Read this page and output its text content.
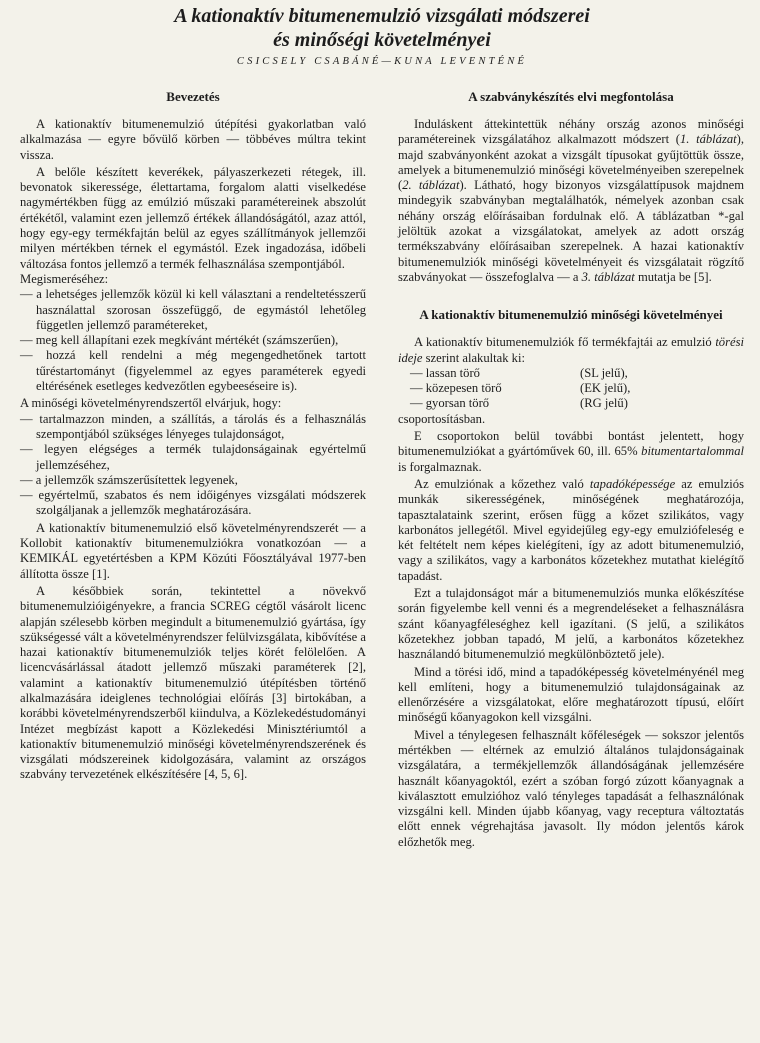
A kationaktív bitumenemulzió vizsgálati módszerei
és minőségi követelményei
CSICSELY CSABÁNÉ—KUNA LEVENTÉNÉ
Bevezetés

A kationaktív bitumenemulzió útépítési gyakorlatban való alkalmazása — egyre bővülő körben — többéves múltra tekint vissza.

A belőle készített keverékek, pályaszerkezeti rétegek, ill. bevonatok sikeressége, élettartama, forgalom alatti viselkedése nagymértékben függ az emúlzió műszaki paramétereinek abszolút értékétől, valamint ezen jellemző értékek állandóságától, azaz attól, hogy egy-egy termékfajtán belül az egyes szállítmányok jellemzői milyen mértékben térnek el egymástól. Ezek ingadozása, időbeli változása fontos jellemző a termék felhasználása szempontjából.

Megismeréséhez:

— a lehetséges jellemzők közül ki kell választani a rendeltetésszerű használattal szorosan összefüggő, de egymástól lehetőleg független jellemző paramétereket,
— meg kell állapítani ezek megkívánt mértékét (számszerűen),
— hozzá kell rendelni a még megengedhetőnek tartott tűréstartományt (figyelemmel az egyes paraméterek egyedi eltérésének esetleges kedvezőtlen egybeeséseire is).

A minőségi követelményrendszertől elvárjuk, hogy:

— tartalmazzon minden, a szállítás, a tárolás és a felhasználás szempontjából szükséges lényeges tulajdonságot,
— legyen elégséges a termék tulajdonságainak egyértelmű jellemzéséhez,
— a jellemzők számszerűsítettek legyenek,
— egyértelmű, szabatos és nem időigényes vizsgálati módszerek szolgáljanak a jellemzők meghatározására.

A kationaktív bitumenemulzió első követelményrendszerét — a Kollobit kationaktív bitumenemulziókra vonatkozóan — a KEMIKÁL egyetértésben a KPM Közúti Főosztályával 1977-ben állította össze [1].

A későbbiek során, tekintettel a növekvő bitumenemulzióigényekre, a francia SCREG cégtől vásárolt licenc alapján szélesebb körben megindult a bitumenemulzió gyártása, így szükségessé vált a követelményrendszer felülvizsgálata, kibővítése a hazai kationaktív bitumenemulziók teljes körét felölelően. A licencvásárlással átadott jellemző műszaki paraméterek [2], valamint a kationaktív bitumenemulzió útépítésben történő alkalmazására ideiglenes technológiai előírás [3] birtokában, a korábbi követelményrendszerből kiindulva, a Közlekedéstudományi Intézet megbízást kapott a Közlekedési Minisztériumtól a kationaktív bitumenemulzió minőségi követelményrendszerének és vizsgálati módszereinek kidolgozására, valamint az országos szabvány tervezetének elkészítésére [4, 5, 6].

A szabványkészítés elvi megfontolása

Induláskent áttekintettük néhány ország azonos minőségi paramétereinek vizsgálatához alkalmazott módszert (1. táblázat), majd szabványonként azokat a vizsgált típusokat gyűjtöttük össze, amelyek a bitumenemulzió minőségi követelményeiben szerepelnek (2. táblázat). Látható, hogy bizonyos vizsgálattípusok majdnem mindegyik szabványban megtalálhatók, némelyek azonban csak néhány ország előírásaiban fordulnak elő. A táblázatban *-gal jelöltük azokat a vizsgálatokat, amelyek az adott ország termékszabvány előírásaiban szerepelnek. A hazai kationaktív bitumenemulziók minőségi követelményeit és vizsgálatait rögzítő szabványokat — összefoglalva — a 3. táblázat mutatja be [5].

A kationaktív bitumenemulzió minőségi követelményei

A kationaktív bitumenemulziók fő termékfajtái az emulzió törési ideje szerint alakultak ki:

— lassan törő	(SL jelű),
— közepesen törő	(EK jelű),
— gyorsan törő	(RG jelű)

csoportosításban.

E csoportokon belül további bontást jelentett, hogy bitumenemulziókat a gyártóművek 60, ill. 65% bitumentartalommal is forgalmaznak.

Az emulziónak a kőzethez való tapadóképessége az emulziós munkák sikerességének, minőségének meghatározója, tapasztalataink szerint, erősen függ a kőzet szilikátos, vagy karbonátos jellegétől. Mivel egyidejűleg egy-egy emulziófeleség e két feltételt nem képes kielégíteni, így az adott bitumenemulzió, vagy a szilikátos, vagy a karbonátos kőzetekhez mutathat kielégítő tapadást.

Ezt a tulajdonságot már a bitumenemulziós munka előkészítése során figyelembe kell venni és a megrendeléseket a felhasználásra szánt kőanyagféleséghez kell igazítani. (S jelű, a szilikátos kőzetekhez jobban tapadó, M jelű, a karbonátos kőzetekhez használandó bitumenemulzió megkülönböztető jele).

Mind a törési idő, mind a tapadóképesség követelményénél meg kell említeni, hogy a bitumenemulzió tulajdonságainak az ellenőrzésére a vizsgálatokat, előre meghatározott típusú, előírt minőségű kőanyagokon kell vizsgálni.

Mivel a ténylegesen felhasznált kőféleségek — sokszor jelentős mértékben — eltérnek az emulzió általános tulajdonságainak vizsgálatára, a termékjellemzők állandóságának jellemzésére használt kőanyagoktól, ezért a szóban forgó zúzott kőanyagnak a kiválasztott emulzióhoz való tényleges tapadását a felhasználónak vizsgálni kell. Minden újabb kőanyag, vagy receptura változtatás előtt ennek végrehajtása javasolt. Ily módon jelentős károk előzhetők meg.
